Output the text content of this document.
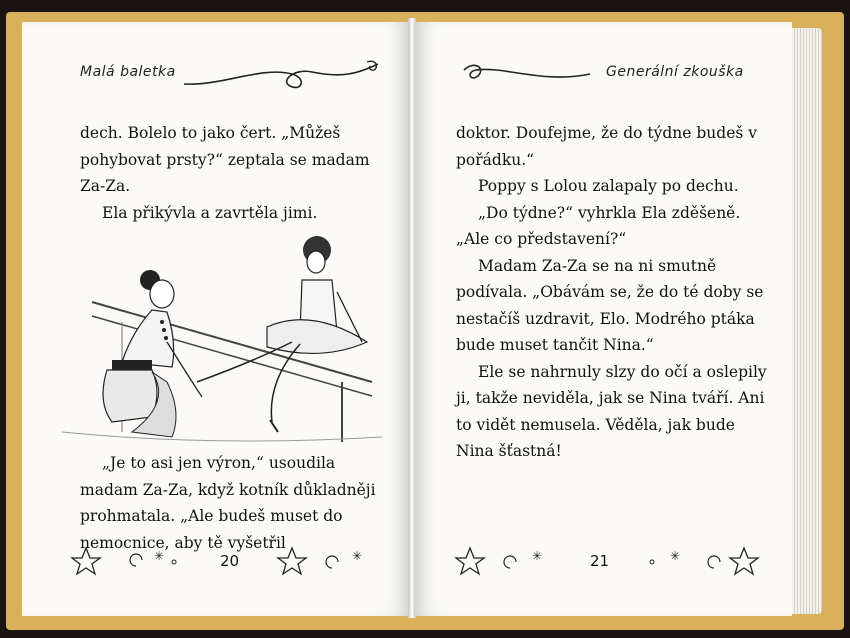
Malá baletka

dech. Bolelo to jako čert. „Můžeš pohybovat prsty?“ zeptala se madam Za-Za.

Ela přikývla a zavrtěla jimi.

„Je to asi jen výron,“ usoudila madam Za-Za, když kotník důkladněji prohmatala. „Ale budeš muset do nemocnice, aby tě vyšetřil

✳	20	✳
Generální zkouška

doktor. Doufejme, že do týdne budeš v pořádku.“

Poppy s Lolou zalapaly po dechu.

„Do týdne?“ vyhrkla Ela zděšeně. „Ale co představení?“

Madam Za-Za se na ni smutně podívala. „Obávám se, že do té doby se nestačíš uzdravit, Elo. Modrého ptáka bude muset tančit Nina.“

Ele se nahrnuly slzy do očí a oslepily ji, takže neviděla, jak se Nina tváří. Ani to vidět nemusela. Věděla, jak bude Nina šťastná!

✳	21	✳
